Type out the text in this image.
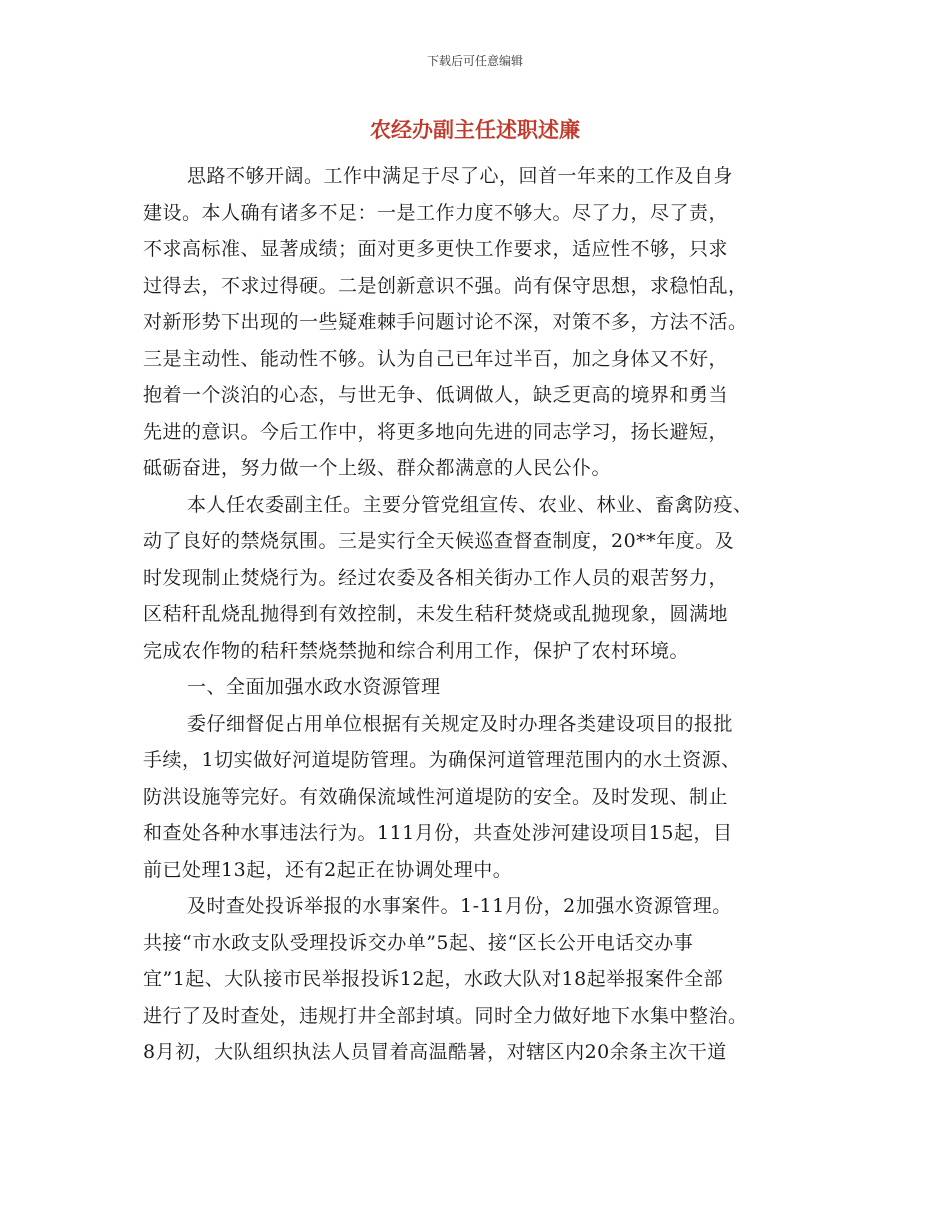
下载后可任意编辑
农经办副主任述职述廉
思路不够开阔。工作中满足于尽了心，回首一年来的工作及自身
建设。本人确有诸多不足：一是工作力度不够大。尽了力，尽了责，
不求高标准、显著成绩；面对更多更快工作要求，适应性不够，只求
过得去，不求过得硬。二是创新意识不强。尚有保守思想，求稳怕乱，
对新形势下出现的一些疑难棘手问题讨论不深，对策不多，方法不活。
三是主动性、能动性不够。认为自己已年过半百，加之身体又不好，
抱着一个淡泊的心态，与世无争、低调做人，缺乏更高的境界和勇当
先进的意识。今后工作中，将更多地向先进的同志学习，扬长避短，
砥砺奋进，努力做一个上级、群众都满意的人民公仆。
本人任农委副主任。主要分管党组宣传、农业、林业、畜禽防疫、
动了良好的禁烧氛围。三是实行全天候巡查督查制度，20**年度。及
时发现制止焚烧行为。经过农委及各相关街办工作人员的艰苦努力，
区秸秆乱烧乱抛得到有效控制，未发生秸秆焚烧或乱抛现象，圆满地
完成农作物的秸秆禁烧禁抛和综合利用工作，保护了农村环境。
一、全面加强水政水资源管理
委仔细督促占用单位根据有关规定及时办理各类建设项目的报批
手续，1切实做好河道堤防管理。为确保河道管理范围内的水土资源、
防洪设施等完好。有效确保流域性河道堤防的安全。及时发现、制止
和查处各种水事违法行为。111月份，共查处涉河建设项目15起，目
前已处理13起，还有2起正在协调处理中。
及时查处投诉举报的水事案件。1-11月份，2加强水资源管理。
共接“市水政支队受理投诉交办单”5起、接“区长公开电话交办事
宜”1起、大队接市民举报投诉12起，水政大队对18起举报案件全部
进行了及时查处，违规打井全部封填。同时全力做好地下水集中整治。
8月初，大队组织执法人员冒着高温酷暑，对辖区内20余条主次干道
